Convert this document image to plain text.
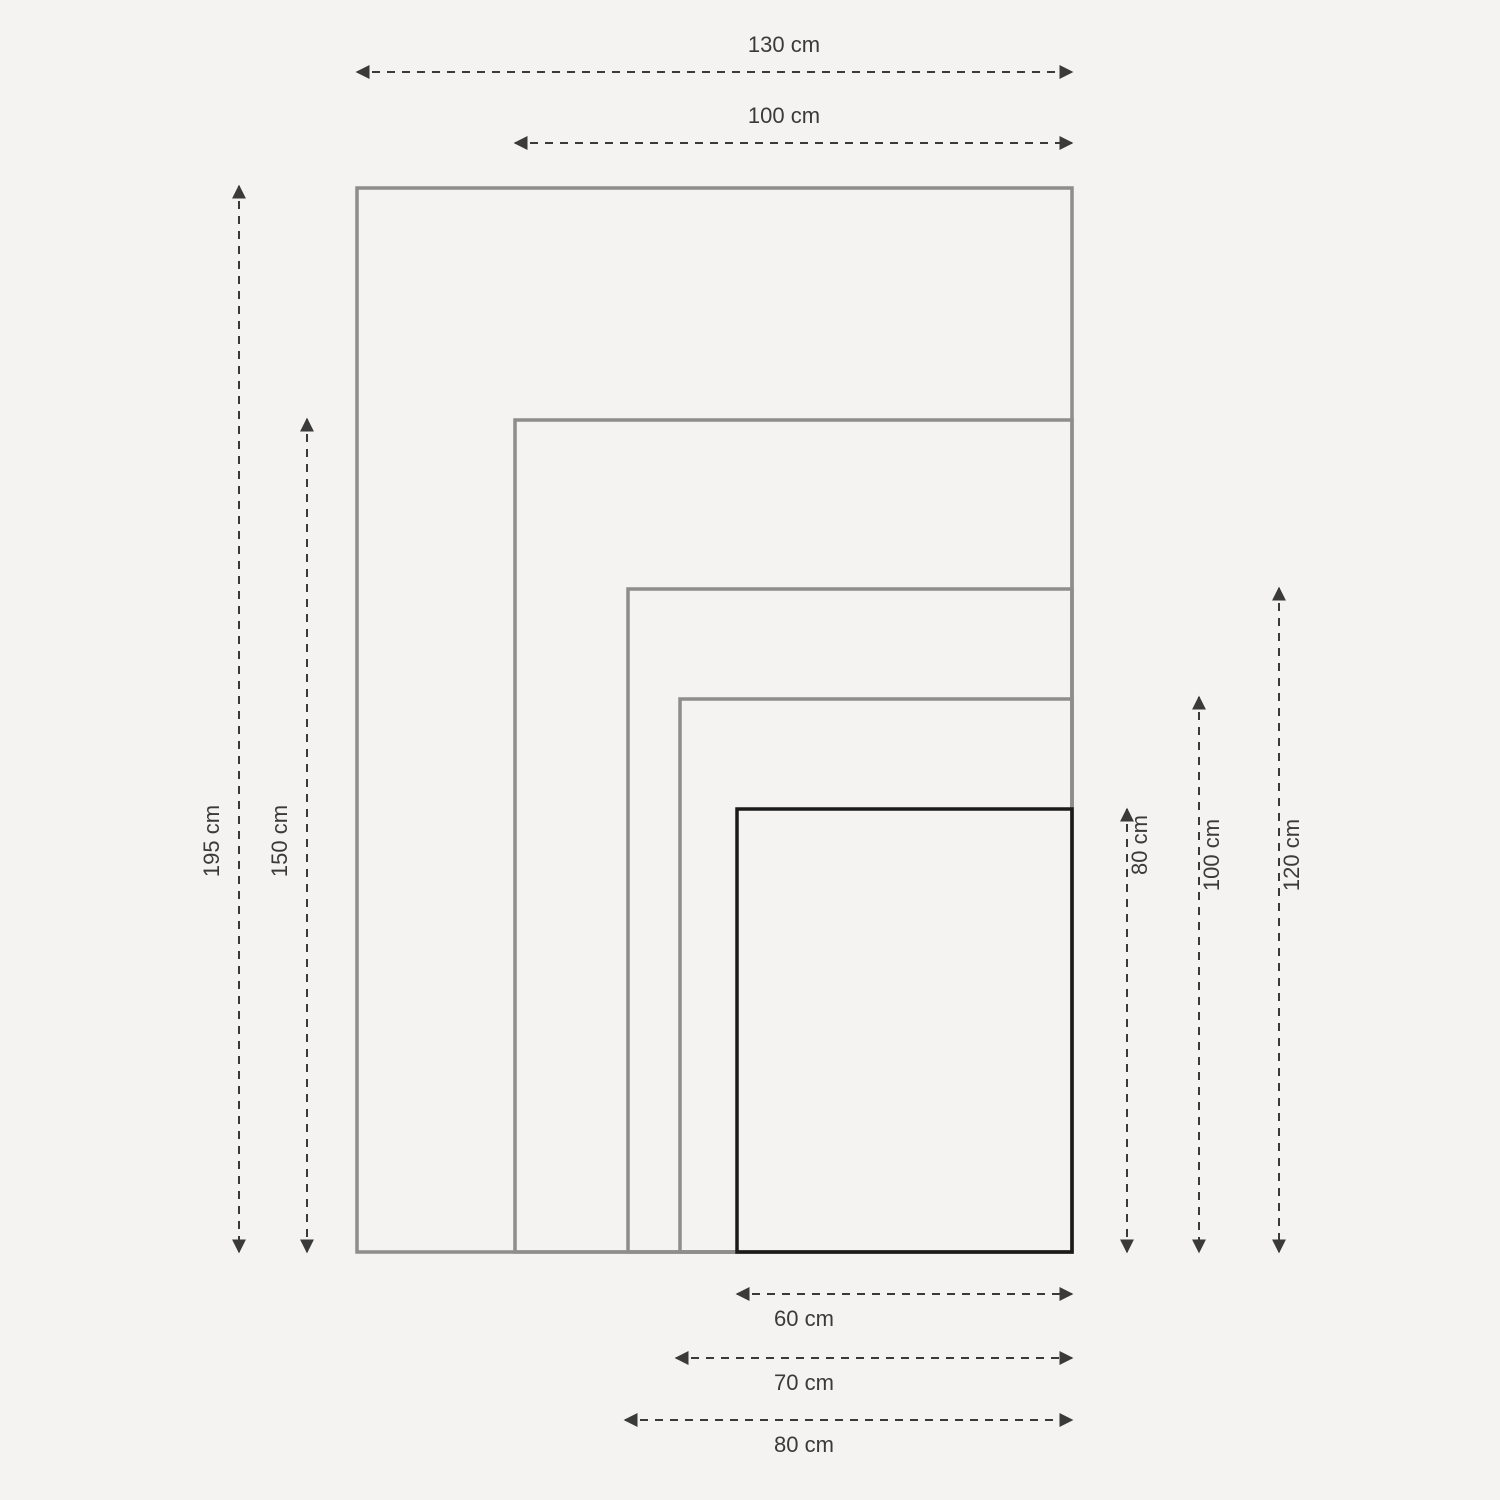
130 cm
100 cm
60 cm
70 cm
80 cm
195 cm 150 cm	80 cm 100 cm	120 cm
